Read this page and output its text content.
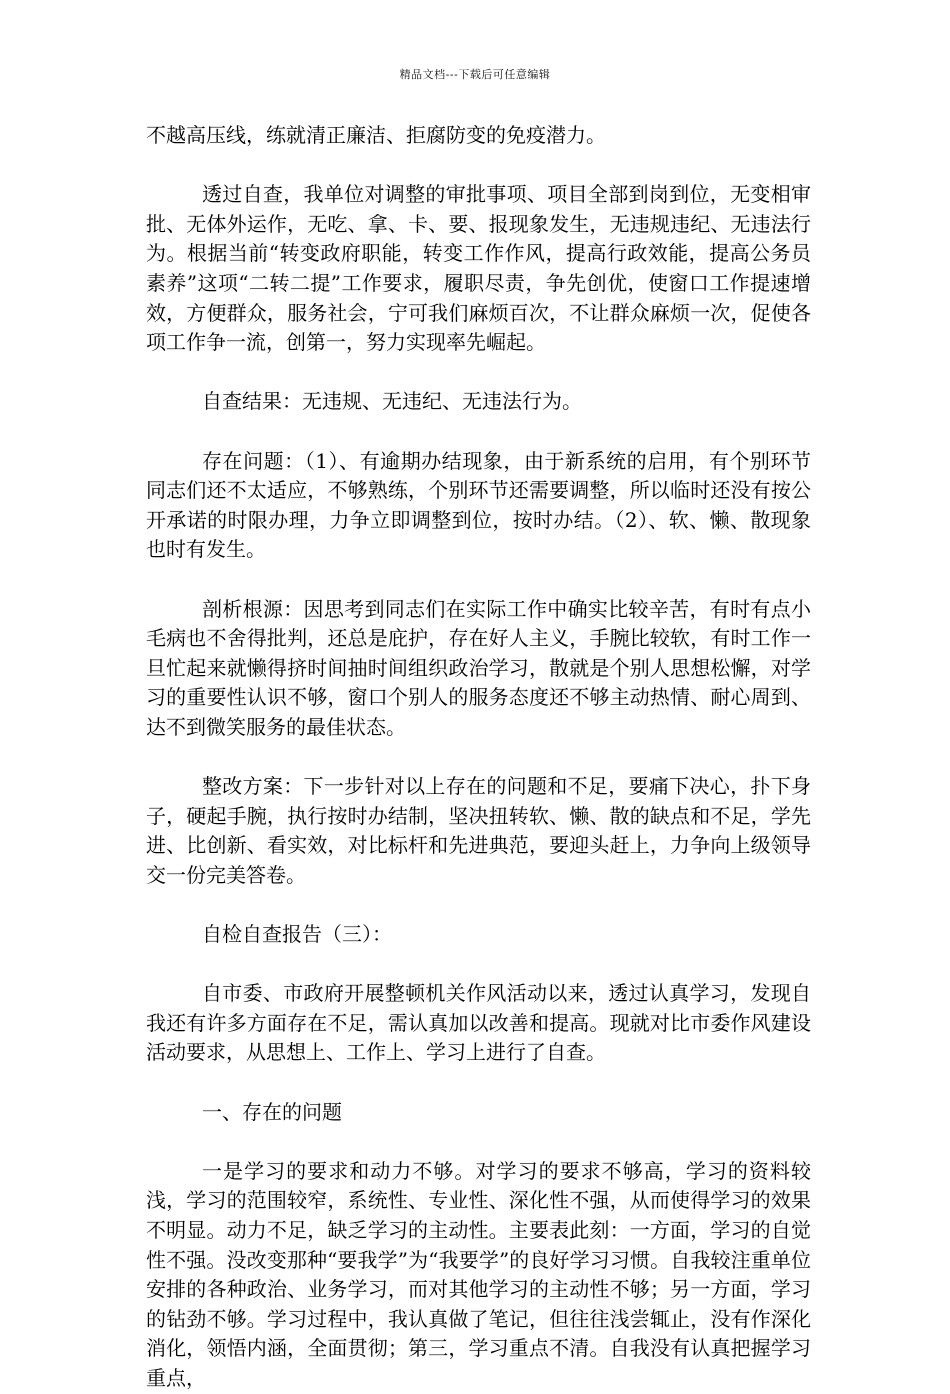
精品文档---下载后可任意编辑

不越高压线，练就清正廉洁、拒腐防变的免疫潜力。

透过自查，我单位对调整的审批事项、项目全部到岗到位，无变相审批、无体外运作，无吃、拿、卡、要、报现象发生，无违规违纪、无违法行为。根据当前“转变政府职能，转变工作作风，提高行政效能，提高公务员素养”这项“二转二提”工作要求，履职尽责，争先创优，使窗口工作提速增效，方便群众，服务社会，宁可我们麻烦百次，不让群众麻烦一次，促使各项工作争一流，创第一，努力实现率先崛起。

自查结果：无违规、无违纪、无违法行为。

存在问题：（1）、有逾期办结现象，由于新系统的启用，有个别环节同志们还不太适应，不够熟练，个别环节还需要调整，所以临时还没有按公开承诺的时限办理，力争立即调整到位，按时办结。（2）、软、懒、散现象也时有发生。

剖析根源：因思考到同志们在实际工作中确实比较辛苦，有时有点小毛病也不舍得批判，还总是庇护，存在好人主义，手腕比较软，有时工作一旦忙起来就懒得挤时间抽时间组织政治学习，散就是个别人思想松懈，对学习的重要性认识不够，窗口个别人的服务态度还不够主动热情、耐心周到、达不到微笑服务的最佳状态。

整改方案：下一步针对以上存在的问题和不足，要痛下决心，扑下身子，硬起手腕，执行按时办结制，坚决扭转软、懒、散的缺点和不足，学先进、比创新、看实效，对比标杆和先进典范，要迎头赶上，力争向上级领导交一份完美答卷。

自检自查报告（三）：

自市委、市政府开展整顿机关作风活动以来，透过认真学习，发现自我还有许多方面存在不足，需认真加以改善和提高。现就对比市委作风建设活动要求，从思想上、工作上、学习上进行了自查。

一、存在的问题

一是学习的要求和动力不够。对学习的要求不够高，学习的资料较浅，学习的范围较窄，系统性、专业性、深化性不强，从而使得学习的效果不明显。动力不足，缺乏学习的主动性。主要表此刻：一方面，学习的自觉性不强。没改变那种“要我学”为“我要学”的良好学习习惯。自我较注重单位安排的各种政治、业务学习，而对其他学习的主动性不够；另一方面，学习的钻劲不够。学习过程中，我认真做了笔记，但往往浅尝辄止，没有作深化消化，领悟内涵，全面贯彻；第三，学习重点不清。自我没有认真把握学习重点，
